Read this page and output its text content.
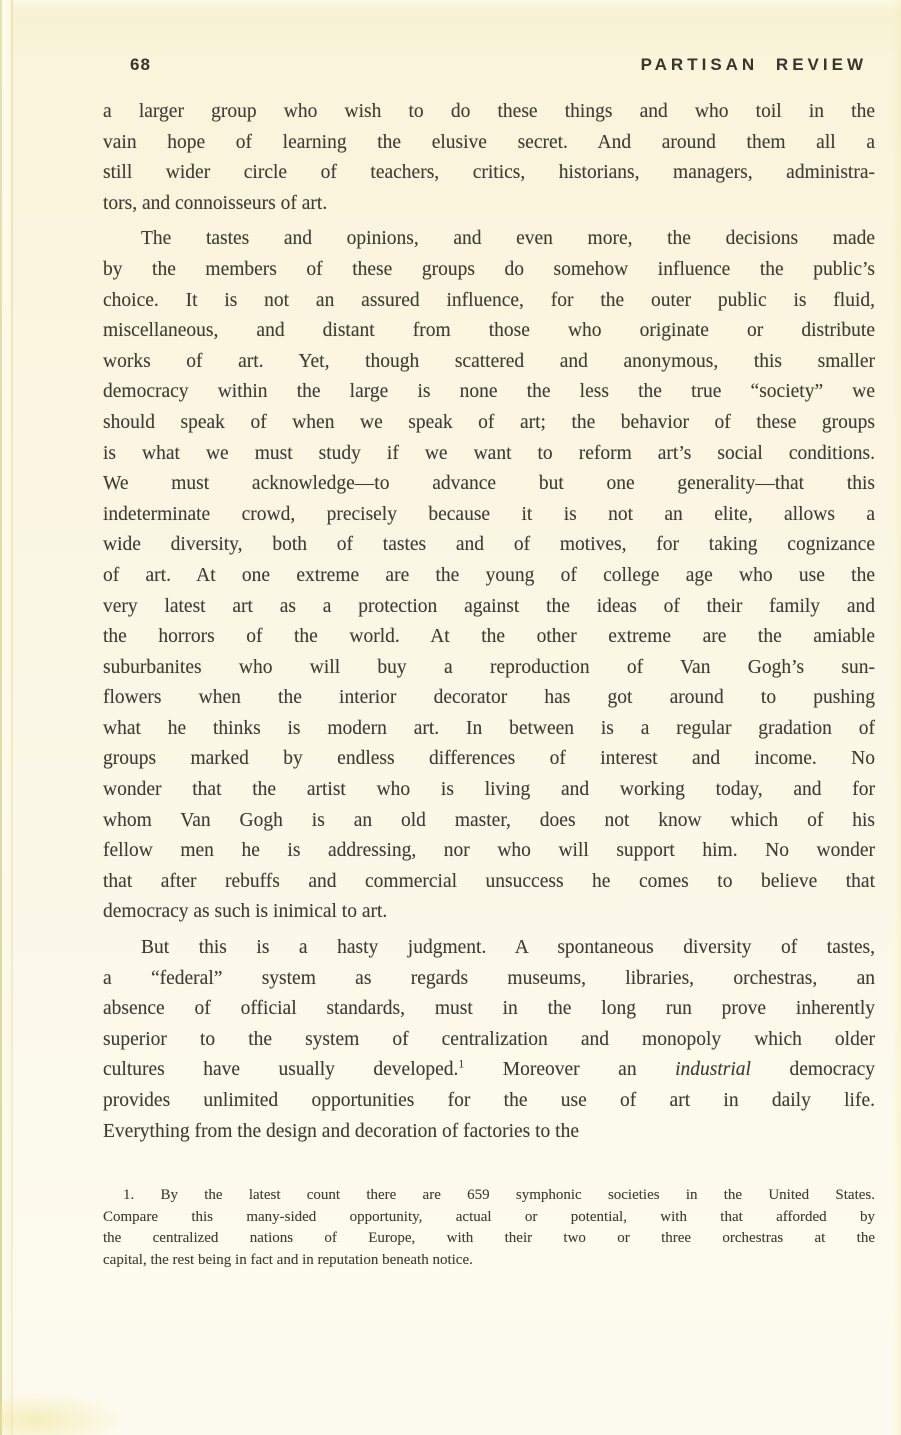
68	PARTISAN REVIEW
a larger group who wish to do these things and who toil in the
vain hope of learning the elusive secret. And around them all a
still wider circle of teachers, critics, historians, managers, administra-
tors, and connoisseurs of art.
The tastes and opinions, and even more, the decisions made
by the members of these groups do somehow influence the public’s
choice. It is not an assured influence, for the outer public is fluid,
miscellaneous, and distant from those who originate or distribute
works of art. Yet, though scattered and anonymous, this smaller
democracy within the large is none the less the true “society” we
should speak of when we speak of art; the behavior of these groups
is what we must study if we want to reform art’s social conditions.
We must acknowledge—to advance but one generality—that this
indeterminate crowd, precisely because it is not an elite, allows a
wide diversity, both of tastes and of motives, for taking cognizance
of art. At one extreme are the young of college age who use the
very latest art as a protection against the ideas of their family and
the horrors of the world. At the other extreme are the amiable
suburbanites who will buy a reproduction of Van Gogh’s sun-
flowers when the interior decorator has got around to pushing
what he thinks is modern art. In between is a regular gradation of
groups marked by endless differences of interest and income. No
wonder that the artist who is living and working today, and for
whom Van Gogh is an old master, does not know which of his
fellow men he is addressing, nor who will support him. No wonder
that after rebuffs and commercial unsuccess he comes to believe that
democracy as such is inimical to art.
But this is a hasty judgment. A spontaneous diversity of tastes,
a “federal” system as regards museums, libraries, orchestras, an
absence of official standards, must in the long run prove inherently
superior to the system of centralization and monopoly which older
cultures have usually developed.$^1$ Moreover an industrial democracy
provides unlimited opportunities for the use of art in daily life.
Everything from the design and decoration of factories to the
1. By the latest count there are 659 symphonic societies in the United States.
Compare this many-sided opportunity, actual or potential, with that afforded by
the centralized nations of Europe, with their two or three orchestras at the
capital, the rest being in fact and in reputation beneath notice.
